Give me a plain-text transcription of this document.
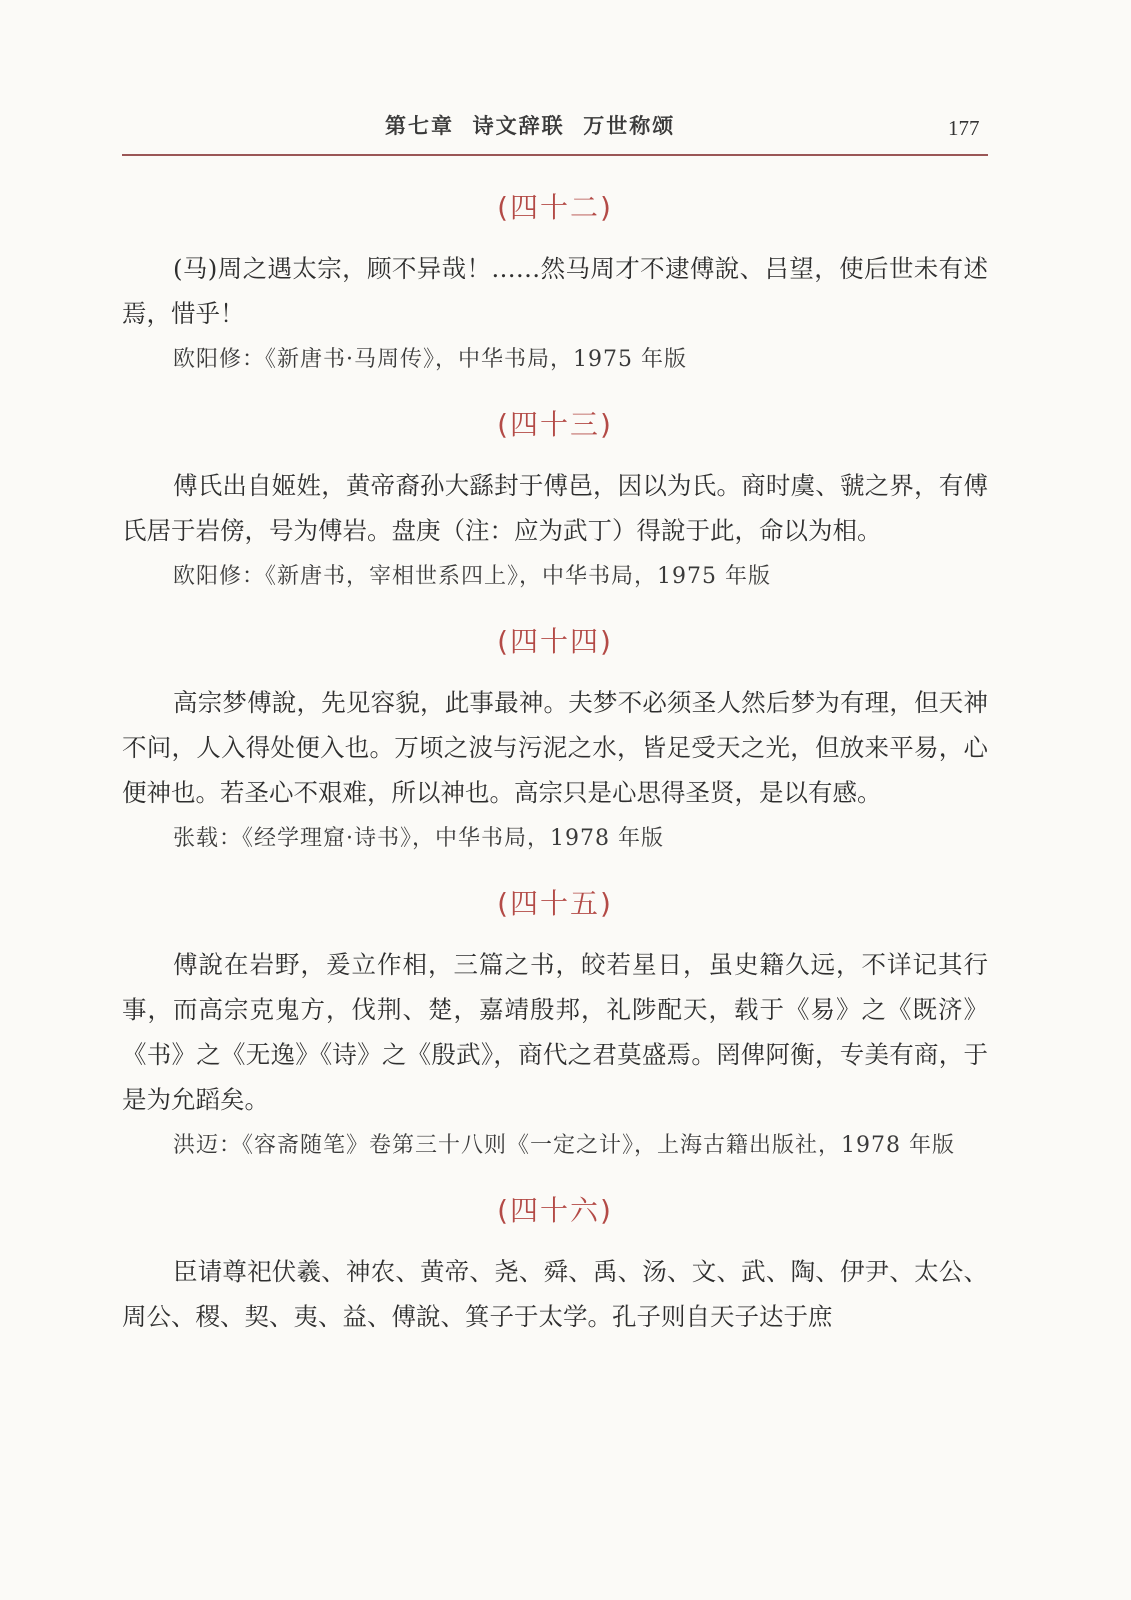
第七章  诗文辞联  万世称颂	177
(四十二)

(马)周之遇太宗，顾不异哉！……然马周才不逮傅說、吕望，使后世未有述焉，惜乎！

欧阳修：《新唐书·马周传》，中华书局，1975 年版

(四十三)

傅氏出自姬姓，黄帝裔孙大繇封于傅邑，因以为氏。商时虞、虢之界，有傅氏居于岩傍，号为傅岩。盘庚（注：应为武丁）得說于此，命以为相。

欧阳修：《新唐书，宰相世系四上》，中华书局，1975 年版

(四十四)

高宗梦傅說，先见容貌，此事最神。夫梦不必须圣人然后梦为有理，但天神不问，人入得处便入也。万顷之波与污泥之水，皆足受天之光，但放来平易，心便神也。若圣心不艰难，所以神也。高宗只是心思得圣贤，是以有感。

张载：《经学理窟·诗书》，中华书局，1978 年版

(四十五)

傅說在岩野，爰立作相，三篇之书，皎若星日，虽史籍久远，不详记其行事，而高宗克鬼方，伐荆、楚，嘉靖殷邦，礼陟配天，载于《易》之《既济》《书》之《无逸》《诗》之《殷武》，商代之君莫盛焉。罔俾阿衡，专美有商，于是为允蹈矣。

洪迈：《容斋随笔》卷第三十八则《一定之计》，上海古籍出版社，1978 年版

(四十六)

臣请尊祀伏羲、神农、黄帝、尧、舜、禹、汤、文、武、陶、伊尹、太公、周公、稷、契、夷、益、傅說、箕子于太学。孔子则自天子达于庶
